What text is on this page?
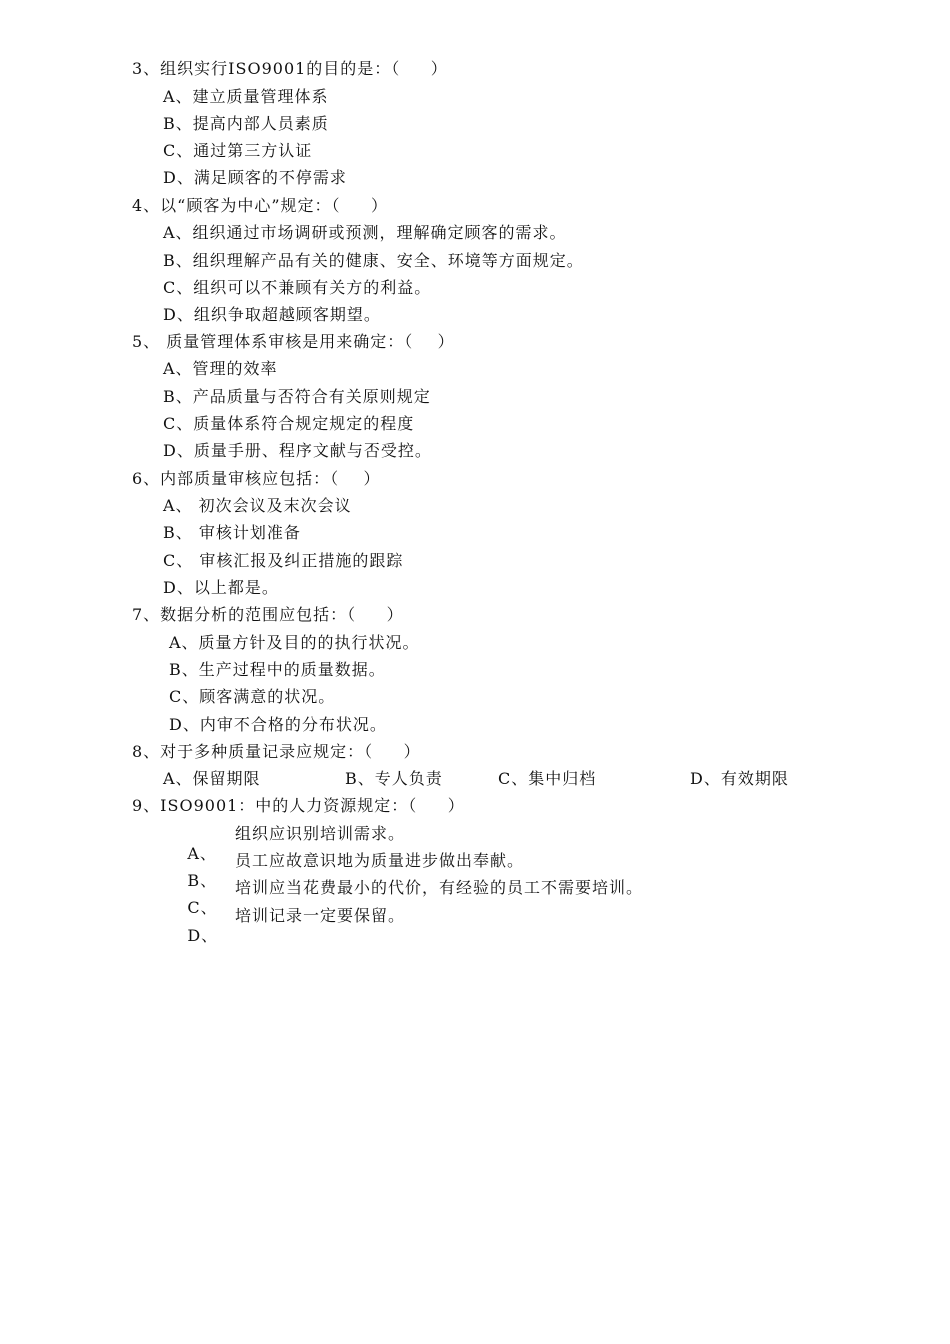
3、组织实行ISO9001的目的是：（     ）
A、建立质量管理体系
B、提高内部人员素质
C、通过第三方认证
D、满足顾客的不停需求
4、以“顾客为中心”规定：（     ）
A、组织通过市场调研或预测，理解确定顾客的需求。
B、组织理解产品有关的健康、安全、环境等方面规定。
C、组织可以不兼顾有关方的利益。
D、组织争取超越顾客期望。
5、 质量管理体系审核是用来确定：（    ）
A、管理的效率
B、产品质量与否符合有关原则规定
C、质量体系符合规定规定的程度
D、质量手册、程序文献与否受控。
6、内部质量审核应包括：（    ）
A、 初次会议及末次会议
B、 审核计划准备
C、 审核汇报及纠正措施的跟踪
D、以上都是。
7、数据分析的范围应包括：（     ）
A、质量方针及目的的执行状况。
B、生产过程中的质量数据。
C、顾客满意的状况。
D、内审不合格的分布状况。
8、对于多种质量记录应规定：（     ）
A、保留期限	B、专人负责	C、集中归档	D、有效期限
9、ISO9001：中的人力资源规定：（     ）

A、

组织应识别培训需求。

B、

员工应故意识地为质量进步做出奉献。

C、

培训应当花费最小的代价，有经验的员工不需要培训。

D、

培训记录一定要保留。
